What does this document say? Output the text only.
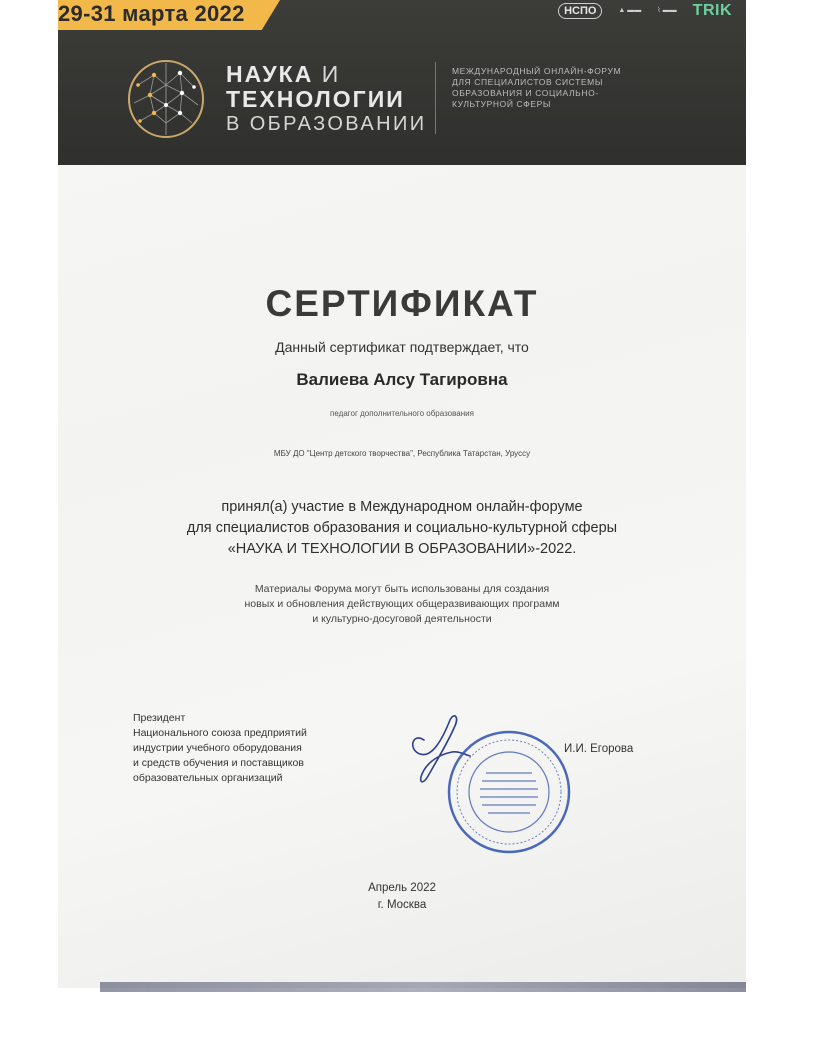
29-31 марта 2022	НСПО	▲ ▬▬ ⌇ ▬▬ TRIK
НАУКА И
ТЕХНОЛОГИИ
В ОБРАЗОВАНИИ
МЕЖДУНАРОДНЫЙ ОНЛАЙН-ФОРУМ
ДЛЯ СПЕЦИАЛИСТОВ СИСТЕМЫ
ОБРАЗОВАНИЯ И СОЦИАЛЬНО-
КУЛЬТУРНОЙ СФЕРЫ
СЕРТИФИКАТ
Данный сертификат подтверждает, что
Валиева Алсу Тагировна
педагог дополнительного образования
МБУ ДО "Центр детского творчества", Республика Татарстан, Уруссу
принял(а) участие в Международном онлайн-форуме
для специалистов образования и социально-культурной сферы
«НАУКА И ТЕХНОЛОГИИ В ОБРАЗОВАНИИ»-2022.
Материалы Форума могут быть использованы для создания
новых и обновления действующих общеразвивающих программ
и культурно-досуговой деятельности
Президент
Национального союза предприятий
индустрии учебного оборудования
и средств обучения и поставщиков
образовательных организаций
И.И. Егорова
Апрель 2022
г. Москва
